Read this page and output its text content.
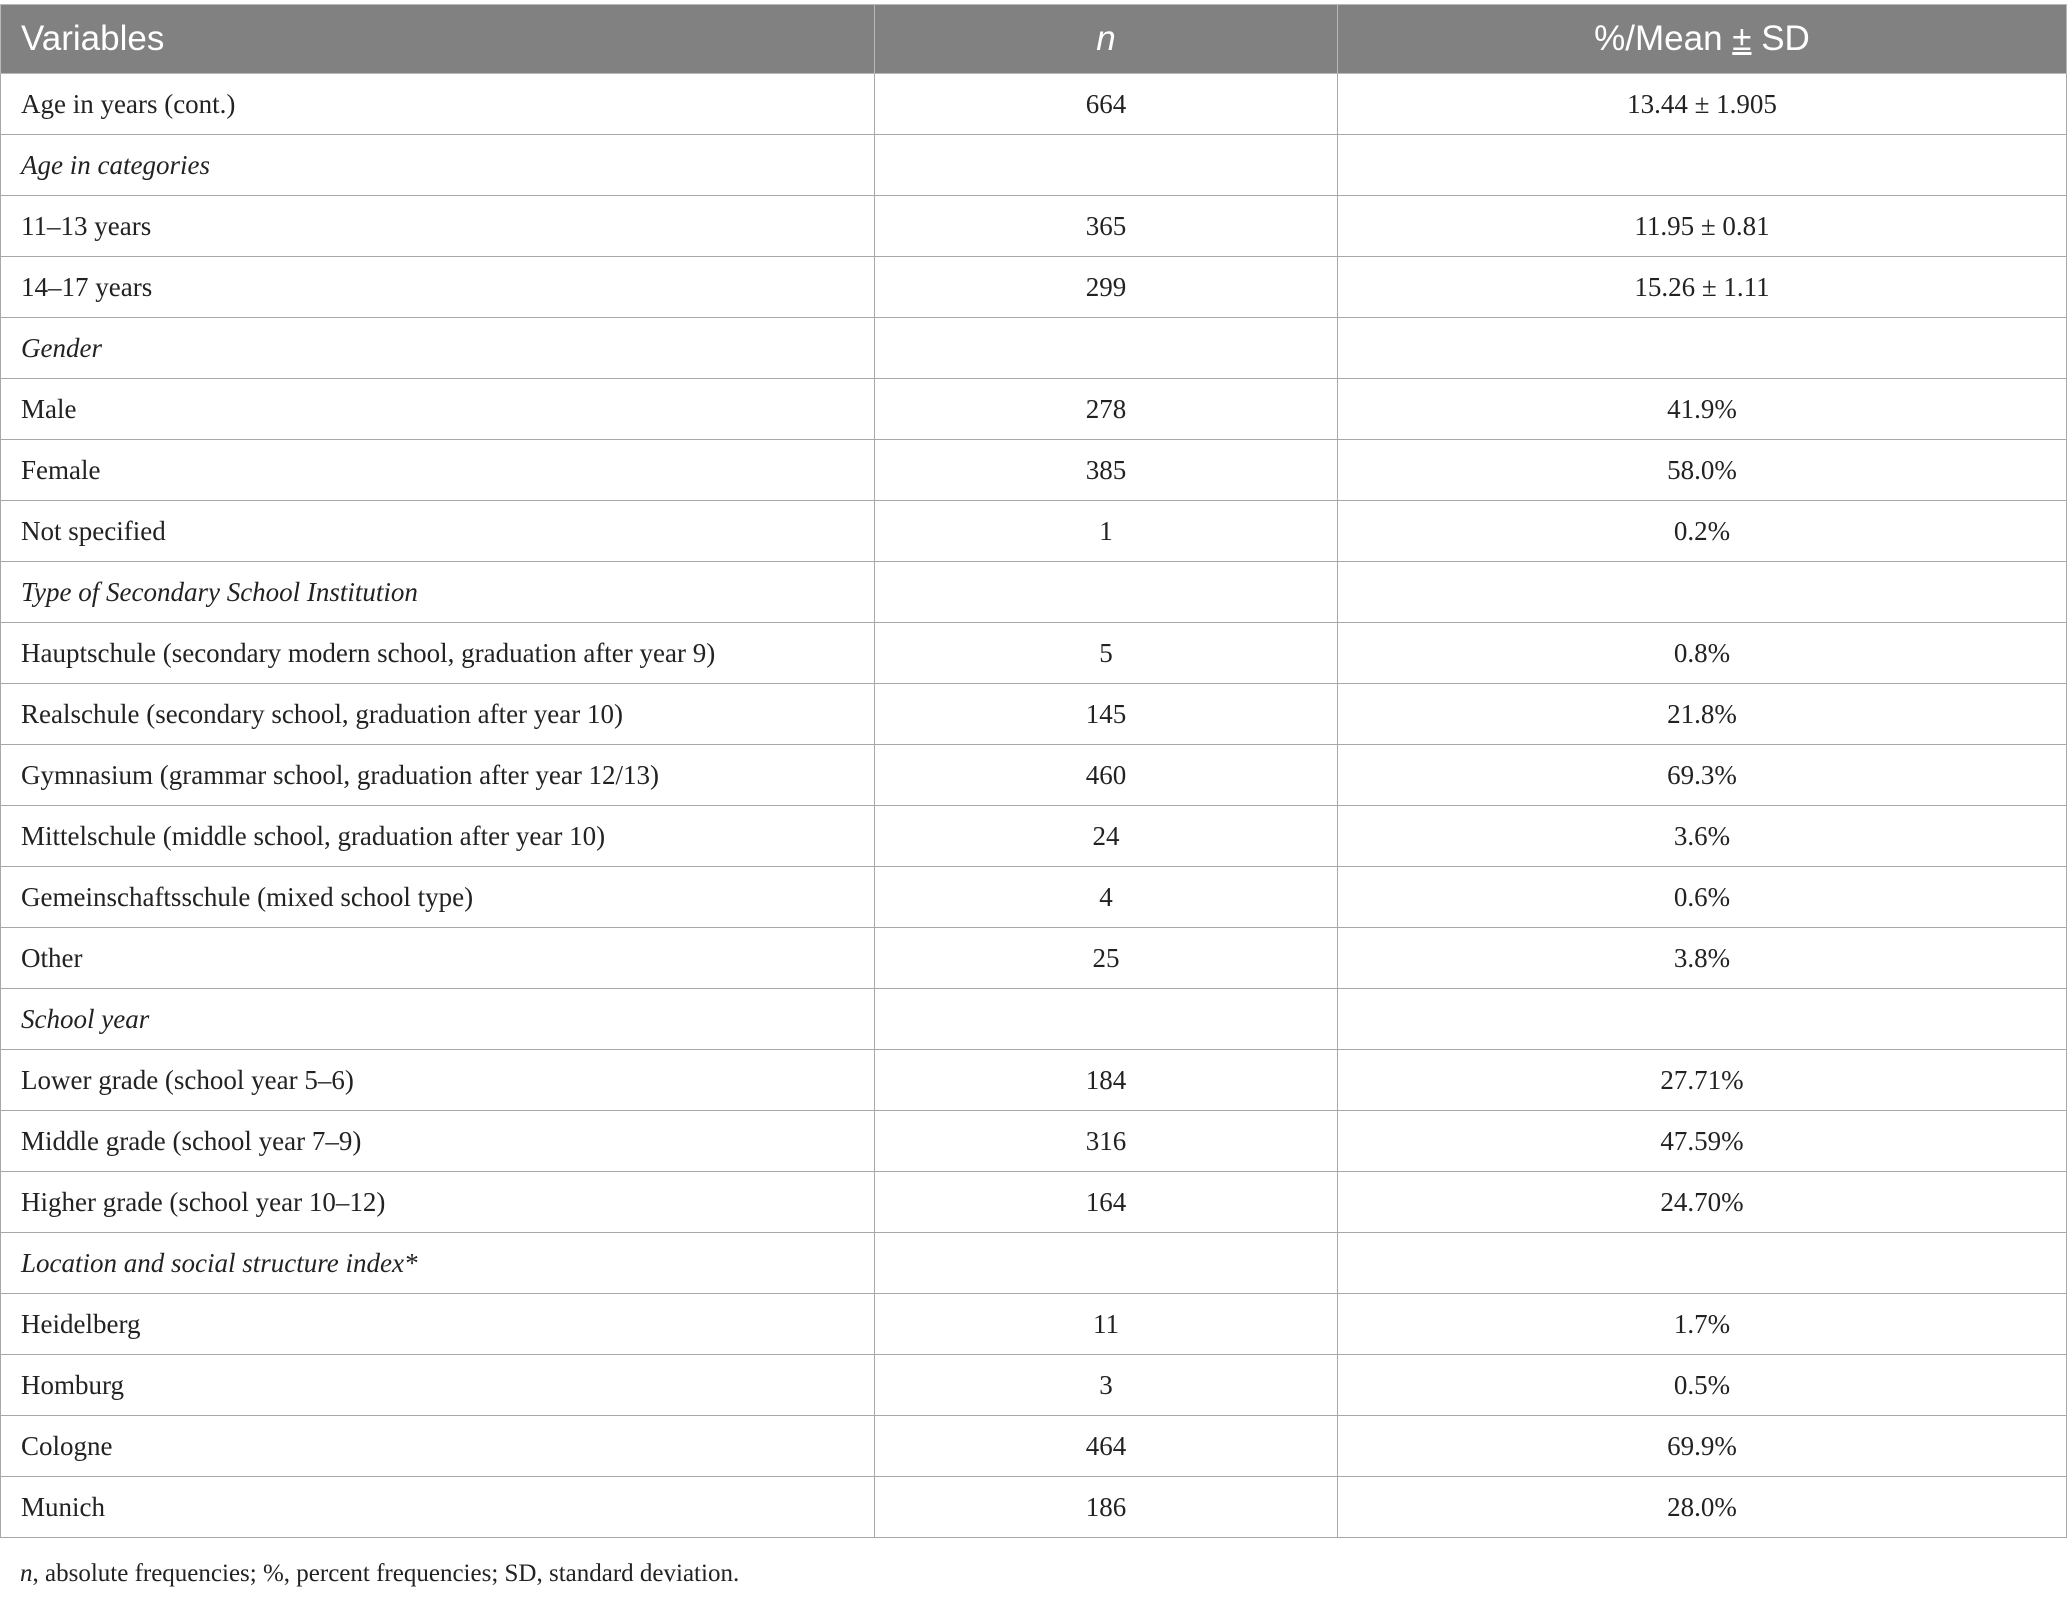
Variables	n	%/Mean ± SD
Age in years (cont.)	664	13.44 ± 1.905
Age in categories		
11–13 years	365	11.95 ± 0.81
14–17 years	299	15.26 ± 1.11
Gender		
Male	278	41.9%
Female	385	58.0%
Not specified	1	0.2%
Type of Secondary School Institution		
Hauptschule (secondary modern school, graduation after year 9)	5	0.8%
Realschule (secondary school, graduation after year 10)	145	21.8%
Gymnasium (grammar school, graduation after year 12/13)	460	69.3%
Mittelschule (middle school, graduation after year 10)	24	3.6%
Gemeinschaftsschule (mixed school type)	4	0.6%
Other	25	3.8%
School year		
Lower grade (school year 5–6)	184	27.71%
Middle grade (school year 7–9)	316	47.59%
Higher grade (school year 10–12)	164	24.70%
Location and social structure index*		
Heidelberg	11	1.7%
Homburg	3	0.5%
Cologne	464	69.9%
Munich	186	28.0%
n, absolute frequencies; %, percent frequencies; SD, standard deviation.
